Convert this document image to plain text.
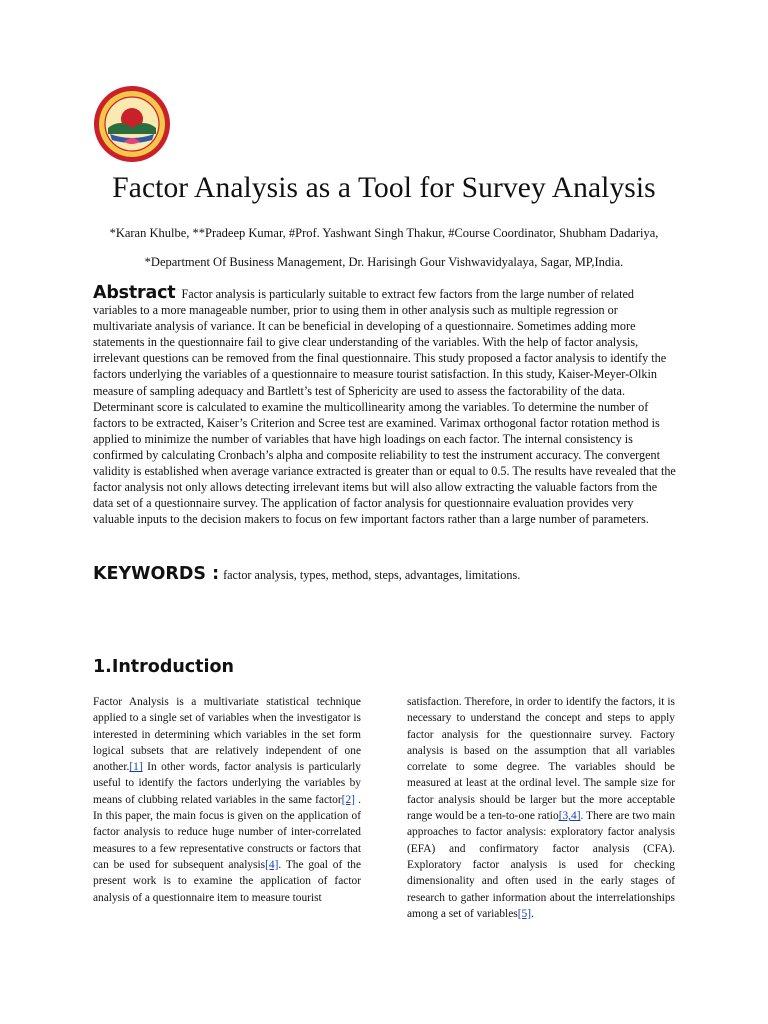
Factor Analysis as a Tool for Survey Analysis

*Karan Khulbe, **Pradeep Kumar, #Prof. Yashwant Singh Thakur, #Course Coordinator, Shubham Dadariya,

*Department Of Business Management, Dr. Harisingh Gour Vishwavidyalaya, Sagar, MP,India.

Abstract Factor analysis is particularly suitable to extract few factors from the large number of related variables to a more manageable number, prior to using them in other analysis such as multiple regression or multivariate analysis of variance. It can be beneficial in developing of a questionnaire. Sometimes adding more statements in the questionnaire fail to give clear understanding of the variables. With the help of factor analysis, irrelevant questions can be removed from the final questionnaire. This study proposed a factor analysis to identify the factors underlying the variables of a questionnaire to measure tourist satisfaction. In this study, Kaiser-Meyer-Olkin measure of sampling adequacy and Bartlett’s test of Sphericity are used to assess the factorability of the data. Determinant score is calculated to examine the multicollinearity among the variables. To determine the number of factors to be extracted, Kaiser’s Criterion and Scree test are examined. Varimax orthogonal factor rotation method is applied to minimize the number of variables that have high loadings on each factor. The internal consistency is confirmed by calculating Cronbach’s alpha and composite reliability to test the instrument accuracy. The convergent validity is established when average variance extracted is greater than or equal to 0.5. The results have revealed that the factor analysis not only allows detecting irrelevant items but will also allow extracting the valuable factors from the data set of a questionnaire survey. The application of factor analysis for questionnaire evaluation provides very valuable inputs to the decision makers to focus on few important factors rather than a large number of parameters.

KEYWORDS : factor analysis, types, method, steps, advantages, limitations.

1.Introduction

Factor Analysis is a multivariate statistical technique applied to a single set of variables when the investigator is interested in determining which variables in the set form logical subsets that are relatively independent of one another.[1] In other words, factor analysis is particularly useful to identify the factors underlying the variables by means of clubbing related variables in the same factor[2] . In this paper, the main focus is given on the application of factor analysis to reduce huge number of inter-correlated measures to a few representative constructs or factors that can be used for subsequent analysis[4]. The goal of the present work is to examine the application of factor analysis of a questionnaire item to measure tourist

satisfaction. Therefore, in order to identify the factors, it is necessary to understand the concept and steps to apply factor analysis for the questionnaire survey. Factory analysis is based on the assumption that all variables correlate to some degree. The variables should be measured at least at the ordinal level. The sample size for factor analysis should be larger but the more acceptable range would be a ten-to-one ratio[3,4]. There are two main approaches to factor analysis: exploratory factor analysis (EFA) and confirmatory factor analysis (CFA). Exploratory factor analysis is used for checking dimensionality and often used in the early stages of research to gather information about the interrelationships among a set of variables[5].
